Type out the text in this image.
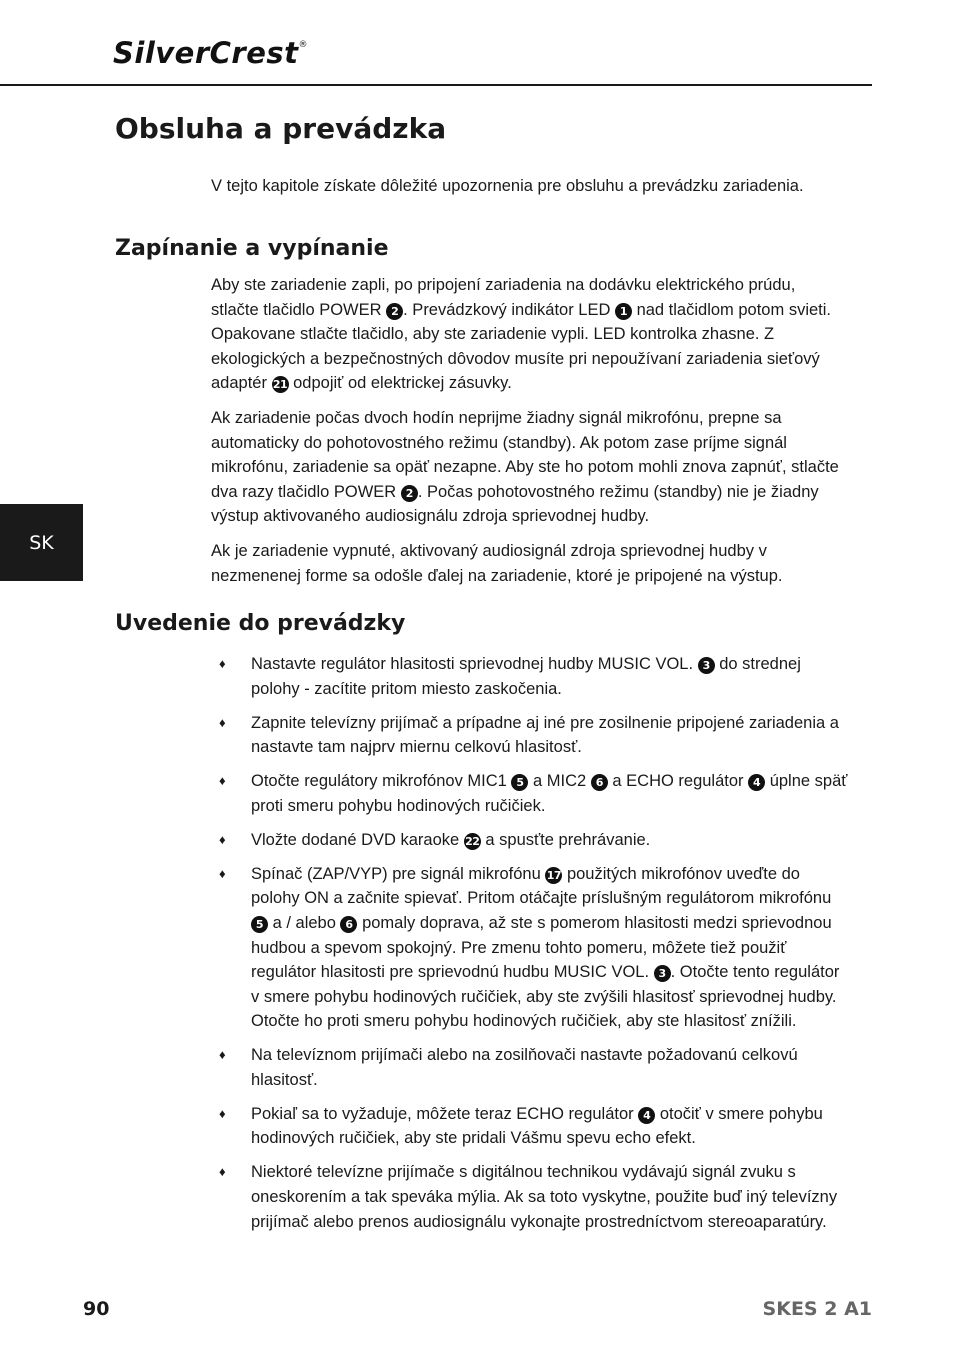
SilverCrest®
Obsluha a prevádzka

V tejto kapitole získate dôležité upozornenia pre obsluhu a prevádzku zariadenia.

Zapínanie a vypínanie

Aby ste zariadenie zapli, po pripojení zariadenia na dodávku elektrického prúdu, stlačte tlačidlo POWER 2 . Prevádzkový indikátor LED 1 nad tlačidlom potom svieti. Opakovane stlačte tlačidlo, aby ste zariadenie vypli. LED kontrolka zhasne. Z ekologických a bezpečnostných dôvodov musíte pri nepoužívaní zariadenia sieťový adaptér 21 odpojiť od elektrickej zásuvky.

Ak zariadenie počas dvoch hodín neprijme žiadny signál mikrofónu, prepne sa automaticky do pohotovostného režimu (standby). Ak potom zase príjme signál mikrofónu, zariadenie sa opäť nezapne. Aby ste ho potom mohli znova zapnúť, stlačte dva razy tlačidlo POWER 2 . Počas pohotovostného režimu (standby) nie je žiadny výstup aktivovaného audiosignálu zdroja sprievodnej hudby.

Ak je zariadenie vypnuté, aktivovaný audiosignál zdroja sprievodnej hudby v nezmenenej forme sa odošle ďalej na zariadenie, ktoré je pripojené na výstup.

Uvedenie do prevádzky
♦ Nastavte regulátor hlasitosti sprievodnej hudby MUSIC VOL. 3 do strednej polohy - zacítite pritom miesto zaskočenia.
♦ Zapnite televízny prijímač a prípadne aj iné pre zosilnenie pripojené zariadenia a nastavte tam najprv miernu celkovú hlasitosť.
♦ Otočte regulátory mikrofónov MIC1 5 a MIC2 6 a ECHO regulátor 4 úplne späť proti smeru pohybu hodinových ručičiek.
♦ Vložte dodané DVD karaoke 22 a spusťte prehrávanie.
♦ Spínač (ZAP/VYP) pre signál mikrofónu 17 použitých mikrofónov uveďte do polohy ON a začnite spievať. Pritom otáčajte príslušným regulátorom mikrofónu 5 a / alebo 6 pomaly doprava, až ste s pomerom hlasitosti medzi sprievodnou hudbou a spevom spokojný. Pre zmenu tohto pomeru, môžete tiež použiť regulátor hlasitosti pre sprievodnú hudbu MUSIC VOL. 3 . Otočte tento regulátor v smere pohybu hodinových ručičiek, aby ste zvýšili hlasitosť sprievodnej hudby. Otočte ho proti smeru pohybu hodinových ručičiek, aby ste hlasitosť znížili.
♦ Na televíznom prijímači alebo na zosilňovači nastavte požadovanú celkovú hlasitosť.
♦ Pokiaľ sa to vyžaduje, môžete teraz ECHO regulátor 4 otočiť v smere pohybu hodinových ručičiek, aby ste pridali Vášmu spevu echo efekt.
♦ Niektoré televízne prijímače s digitálnou technikou vydávajú signál zvuku s oneskorením a tak speváka mýlia. Ak sa toto vyskytne, použite buď iný televízny prijímač alebo prenos audiosignálu vykonajte prostredníctvom stereoaparatúry.
SK
90	SKES 2 A1
